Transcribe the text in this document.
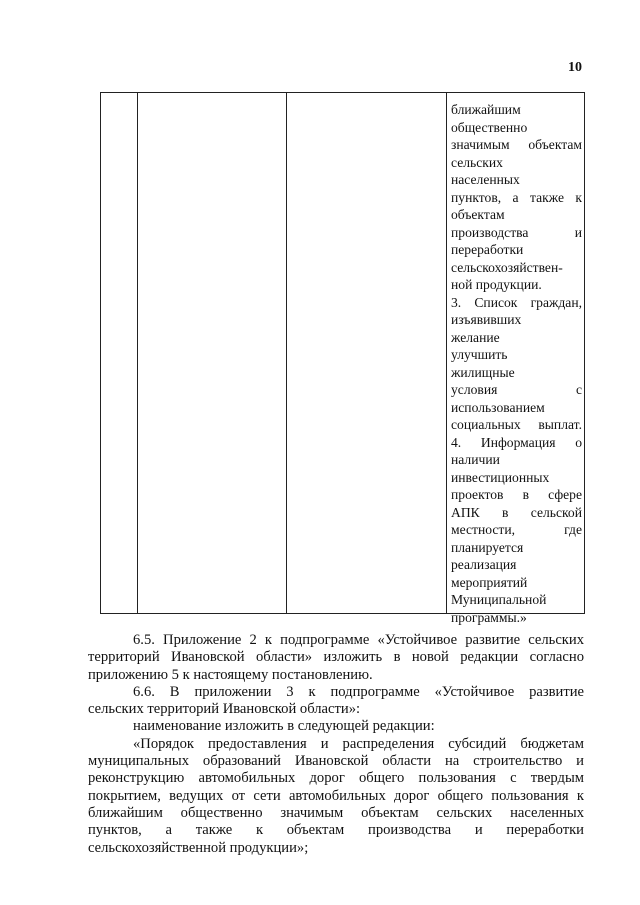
10
ближайшим
общественно
значимым объектам
сельских
населенных
пунктов, а также к
объектам
производства и
переработки
сельскохозяйствен-
ной продукции.
3. Список граждан,
изъявивших
желание
улучшить
жилищные
условия с
использованием
социальных выплат.
4. Информация о
наличии
инвестиционных
проектов в сфере
АПК в сельской
местности, где
планируется
реализация
мероприятий
Муниципальной
программы.»
6.5. Приложение 2 к подпрограмме «Устойчивое развитие сельских
территорий Ивановской области» изложить в новой редакции согласно
приложению 5 к настоящему постановлению.
6.6. В приложении 3 к подпрограмме «Устойчивое развитие
сельских территорий Ивановской области»:
наименование изложить в следующей редакции:
«Порядок предоставления и распределения субсидий бюджетам
муниципальных образований Ивановской области на строительство и
реконструкцию автомобильных дорог общего пользования с твердым
покрытием, ведущих от сети автомобильных дорог общего пользования к
ближайшим общественно значимым объектам сельских населенных
пунктов, а также к объектам производства и переработки
сельскохозяйственной продукции»;
